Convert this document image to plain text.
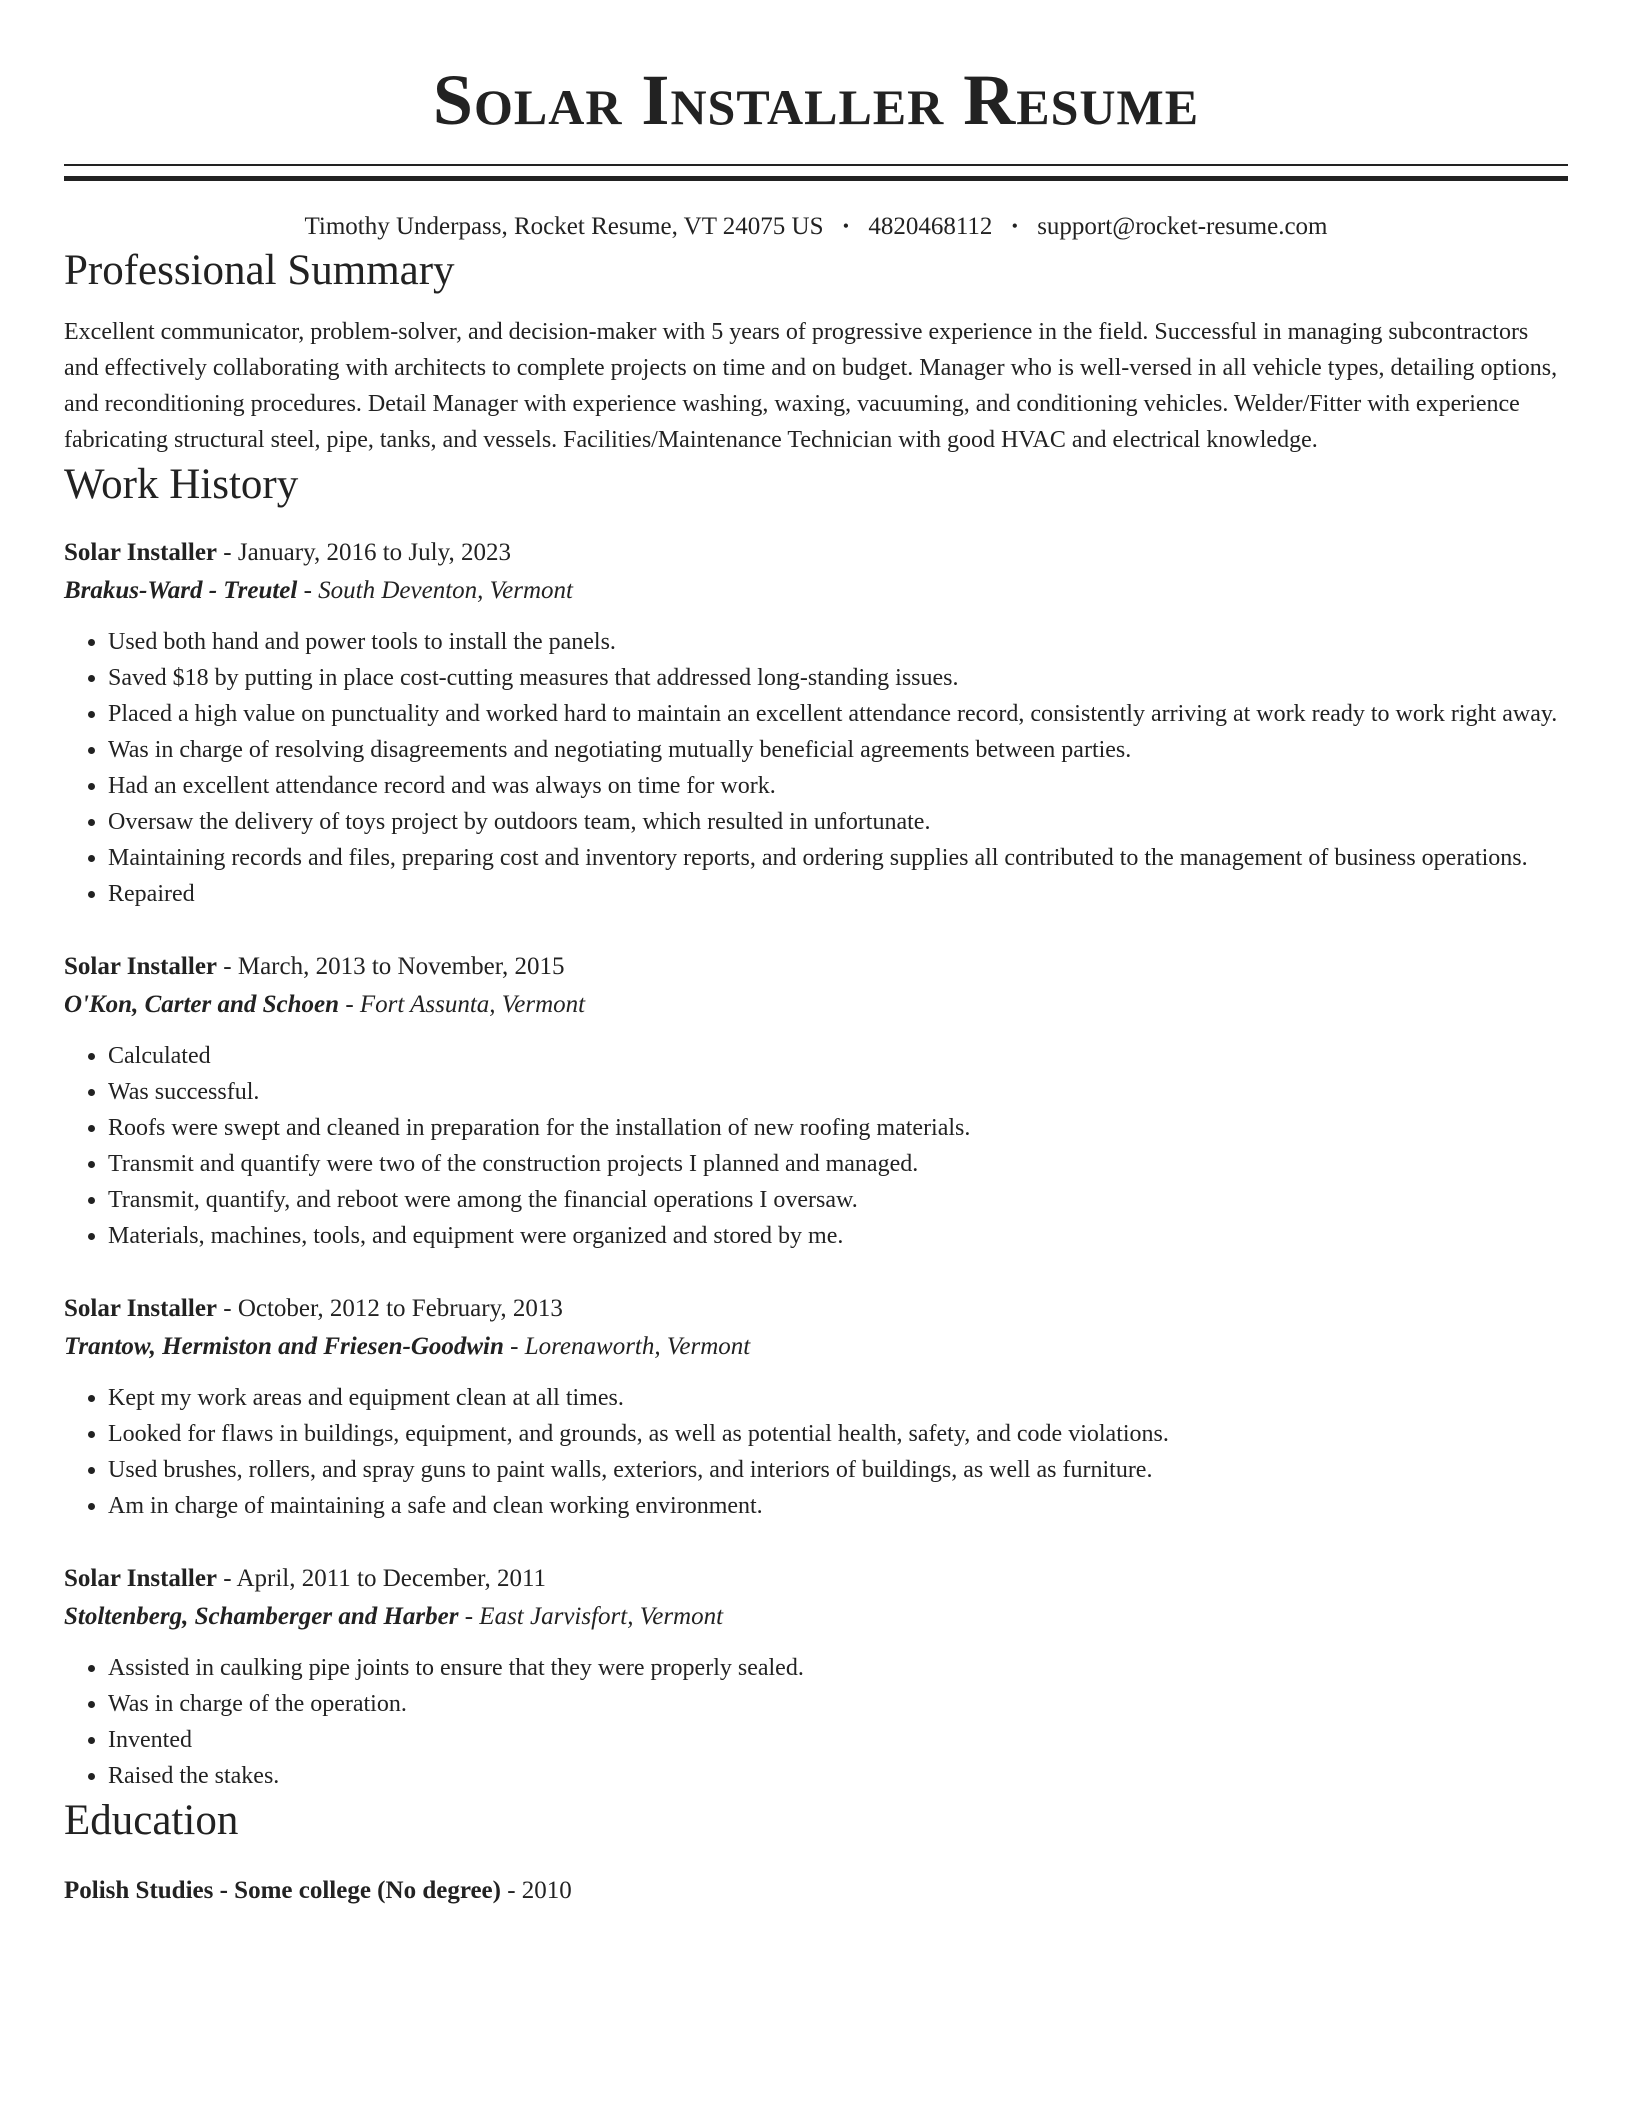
Solar Installer Resume
Timothy Underpass, Rocket Resume, VT 24075 US • 4820468112 • support@rocket-resume.com
Professional Summary

Excellent communicator, problem-solver, and decision-maker with 5 years of progressive experience in the field. Successful in managing subcontractors and effectively collaborating with architects to complete projects on time and on budget. Manager who is well-versed in all vehicle types, detailing options, and reconditioning procedures. Detail Manager with experience washing, waxing, vacuuming, and conditioning vehicles. Welder/Fitter with experience fabricating structural steel, pipe, tanks, and vessels. Facilities/Maintenance Technician with good HVAC and electrical knowledge.

Work History
Solar Installer - January, 2016 to July, 2023
Brakus-Ward - Treutel - South Deventon, Vermont
• Used both hand and power tools to install the panels.
• Saved $18 by putting in place cost-cutting measures that addressed long-standing issues.
• Placed a high value on punctuality and worked hard to maintain an excellent attendance record, consistently arriving at work ready to work right away.
• Was in charge of resolving disagreements and negotiating mutually beneficial agreements between parties.
• Had an excellent attendance record and was always on time for work.
• Oversaw the delivery of toys project by outdoors team, which resulted in unfortunate.
• Maintaining records and files, preparing cost and inventory reports, and ordering supplies all contributed to the management of business operations.
• Repaired
Solar Installer - March, 2013 to November, 2015
O'Kon, Carter and Schoen - Fort Assunta, Vermont
• Calculated
• Was successful.
• Roofs were swept and cleaned in preparation for the installation of new roofing materials.
• Transmit and quantify were two of the construction projects I planned and managed.
• Transmit, quantify, and reboot were among the financial operations I oversaw.
• Materials, machines, tools, and equipment were organized and stored by me.
Solar Installer - October, 2012 to February, 2013
Trantow, Hermiston and Friesen-Goodwin - Lorenaworth, Vermont
• Kept my work areas and equipment clean at all times.
• Looked for flaws in buildings, equipment, and grounds, as well as potential health, safety, and code violations.
• Used brushes, rollers, and spray guns to paint walls, exteriors, and interiors of buildings, as well as furniture.
• Am in charge of maintaining a safe and clean working environment.
Solar Installer - April, 2011 to December, 2011
Stoltenberg, Schamberger and Harber - East Jarvisfort, Vermont
• Assisted in caulking pipe joints to ensure that they were properly sealed.
• Was in charge of the operation.
• Invented
• Raised the stakes.
Education
Polish Studies - Some college (No degree) - 2010
